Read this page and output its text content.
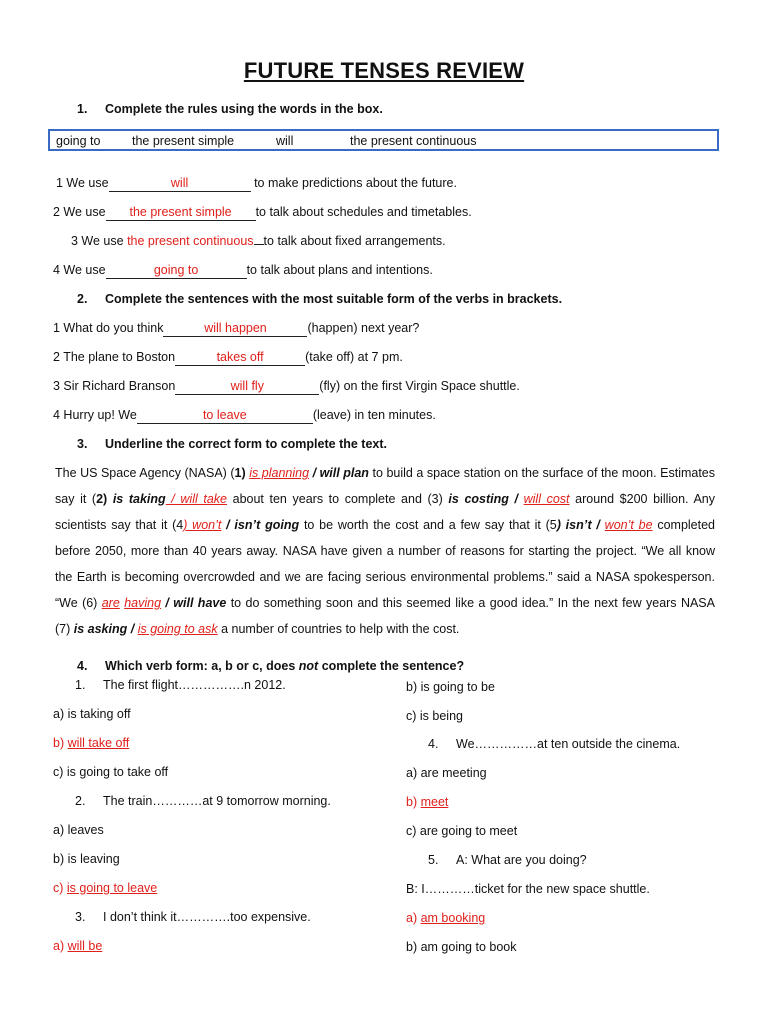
FUTURE TENSES REVIEW
1. Complete the rules using the words in the box.
going to	the present simple	will	the present continuous
1 We use	will	to make predictions about the future.
2 We use the present simple to talk about schedules and timetables.
3 We use the present continuous to talk about fixed arrangements.
4 We use	going to	to talk about plans and intentions.
2. Complete the sentences with the most suitable form of the verbs in brackets.
1 What do you think	will happen	(happen) next year?
2 The plane to Boston	takes off	(take off) at 7 pm.
3 Sir Richard Branson	will fly	(fly) on the first Virgin Space shuttle.
4 Hurry up! We	to leave	(leave) in ten minutes.
3. Underline the correct form to complete the text.
The US Space Agency (NASA) (1) is planning / will plan to build a space station on the surface of the moon. Estimates
say it (2) is taking / will take about ten years to complete and (3) is costing / will cost around $200 billion. Any
scientists say that it (4) won’t / isn’t going to be worth the cost and a few say that it (5) isn’t / won’t be completed
before 2050, more than 40 years away. NASA have given a number of reasons for starting the project. “We all know
the Earth is becoming overcrowded and we are facing serious environmental problems.” said a NASA spokesperson.
“We (6) are having / will have to do something soon and this seemed like a good idea.” In the next few years NASA
(7) is asking / is going to ask a number of countries to help with the cost.
4. Which verb form: a, b or c, does not complete the sentence?
1. The first flight…………….n 2012.
a) is taking off
b) will take off
c) is going to take off
2. The train…………at 9 tomorrow morning.
a) leaves
b) is leaving
c) is going to leave
3. I don’t think it………….too expensive.
a) will be
b) is going to be
c) is being
4. We……………at ten outside the cinema.
a) are meeting
b) meet
c) are going to meet
5. A: What are you doing?
B: I…………ticket for the new space shuttle.
a) am booking
b) am going to book
